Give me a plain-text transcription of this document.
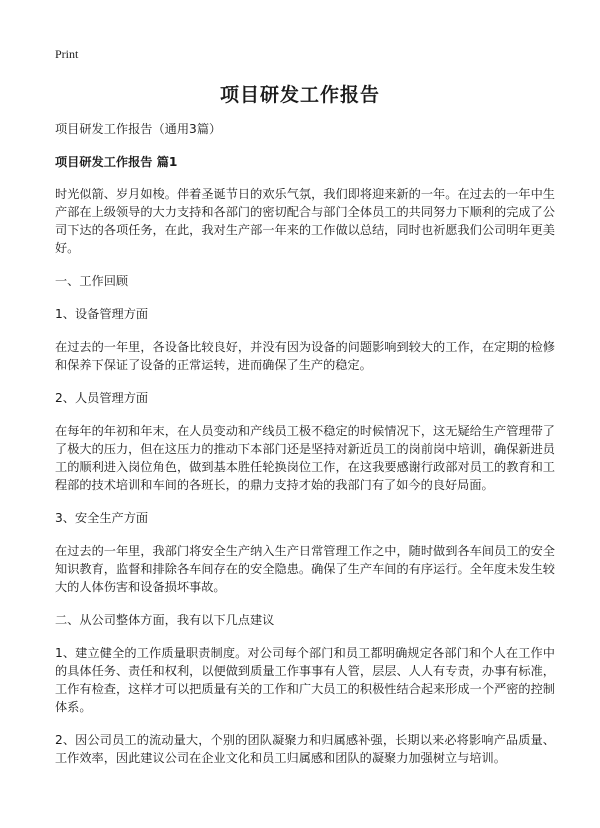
Print
项目研发工作报告

项目研发工作报告（通用3篇）

项目研发工作报告 篇1

时光似箭、岁月如梭。伴着圣诞节日的欢乐气氛，我们即将迎来新的一年。在过去的一年中生产部在上级领导的大力支持和各部门的密切配合与部门全体员工的共同努力下顺利的完成了公司下达的各项任务，在此，我对生产部一年来的工作做以总结，同时也祈愿我们公司明年更美好。

一、工作回顾

1、设备管理方面

在过去的一年里，各设备比较良好，并没有因为设备的问题影响到较大的工作，在定期的检修和保养下保证了设备的正常运转，进而确保了生产的稳定。

2、人员管理方面

在每年的年初和年末，在人员变动和产线员工极不稳定的时候情况下，这无疑给生产管理带了了极大的压力，但在这压力的推动下本部门还是坚持对新近员工的岗前岗中培训，确保新进员工的顺利进入岗位角色，做到基本胜任轮换岗位工作，在这我要感谢行政部对员工的教育和工程部的技术培训和车间的各班长，的鼎力支持才始的我部门有了如今的良好局面。

3、安全生产方面

在过去的一年里，我部门将安全生产纳入生产日常管理工作之中，随时做到各车间员工的安全知识教育，监督和排除各车间存在的安全隐患。确保了生产车间的有序运行。全年度未发生较大的人体伤害和设备损坏事故。

二、从公司整体方面，我有以下几点建议

1、建立健全的工作质量职责制度。对公司每个部门和员工都明确规定各部门和个人在工作中的具体任务、责任和权利，以便做到质量工作事事有人管，层层、人人有专责，办事有标准，工作有检查，这样才可以把质量有关的工作和广大员工的积极性结合起来形成一个严密的控制体系。

2、因公司员工的流动量大，个别的团队凝聚力和归属感补强，长期以来必将影响产品质量、工作效率，因此建议公司在企业文化和员工归属感和团队的凝聚力加强树立与培训。
